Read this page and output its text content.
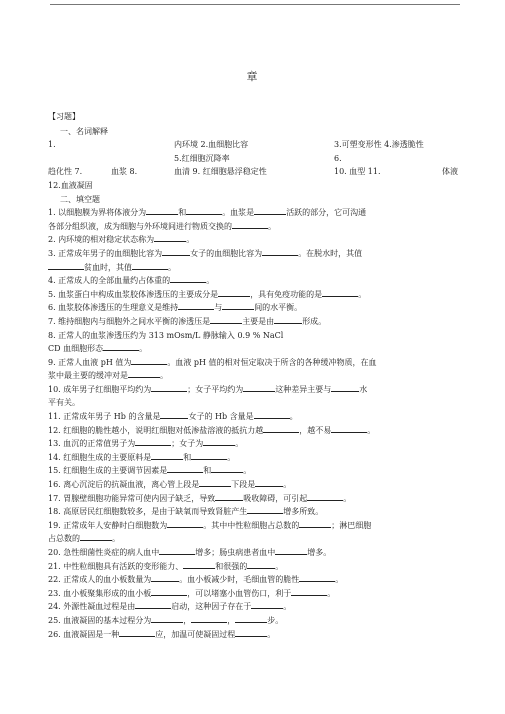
章
【习题】
一、名词解释
1.	内环境 2.血细胞比容	3.可塑变形性 4.渗透脆性
5.红细胞沉降率	6.
趋化性 7.	血浆 8.	血清 9. 红细胞悬浮稳定性	10. 血型 11.	体液
12.血液凝固
二、填空题
1. 以细胞膜为界将体液分为	和	。血浆是	活跃的部分，它可沟通
各部分组织液，成为细胞与外环境间进行物质交换的	。
2. 内环境的相对稳定状态称为	。
3. 正常成年男子的血细胞比容为	女子的血细胞比容为	。在脱水时，其值
贫血时，其值	。
4. 正常成人的全部血量约占体重的	。
5. 血浆蛋白中构成血浆胶体渗透压的主要成分是	，具有免疫功能的是	。
6. 血浆胶体渗透压的生理意义是维持	与	间的水平衡。
7. 维持细胞内与细胞外之间水平衡的渗透压是	主要是由	形成。
8. 正常人的血浆渗透压约为 313 mOsm/L 静脉输入 0.9 % NaCl
CD 血细胞形态	。
9. 正常人血液 pH 值为	。血液 pH 值的相对恒定取决于所含的各种缓冲物质，在血
浆中最主要的缓冲对是	。
10. 成年男子红细胞平均约为	；女子平均约为	这种差异主要与	水
平有关。
11. 正常成年男子 Hb 的含量是	女子的 Hb 含量是	。
12. 红细胞的脆性越小，说明红细胞对低渗盐溶液的抵抗力越	，越不易	。
13. 血沉的正常值男子为	；女子为	。
14. 红细胞生成的主要原料是	和	。
15. 红细胞生成的主要调节因素是	和	。
16. 离心沉淀后的抗凝血液，离心管上段是	下段是	。
17. 胃腺壁细胞功能异常可使内因子缺乏，导致	吸收障碍，可引起	。
18. 高原居民红细胞数较多，是由于缺氧而导致肾脏产生	增多所致。
19. 正常成年人安静时白细胞数为	。其中中性粒细胞占总数的	；淋巴细胞
占总数的	。
20. 急性细菌性炎症的病人血中	增多；肠虫病患者血中	增多。
21. 中性粒细胞具有活跃的变形能力、	和很强的	。
22. 正常成人的血小板数量为	。血小板减少时，毛细血管的脆性	。
23. 血小板聚集形成的血小板	，可以堵塞小血管伤口，利于	。
24. 外源性凝血过程是由	启动，这种因子存在于	。
25. 血液凝固的基本过程分为	，	，	步。
26. 血液凝固是一种	应，加温可使凝固过程	。
